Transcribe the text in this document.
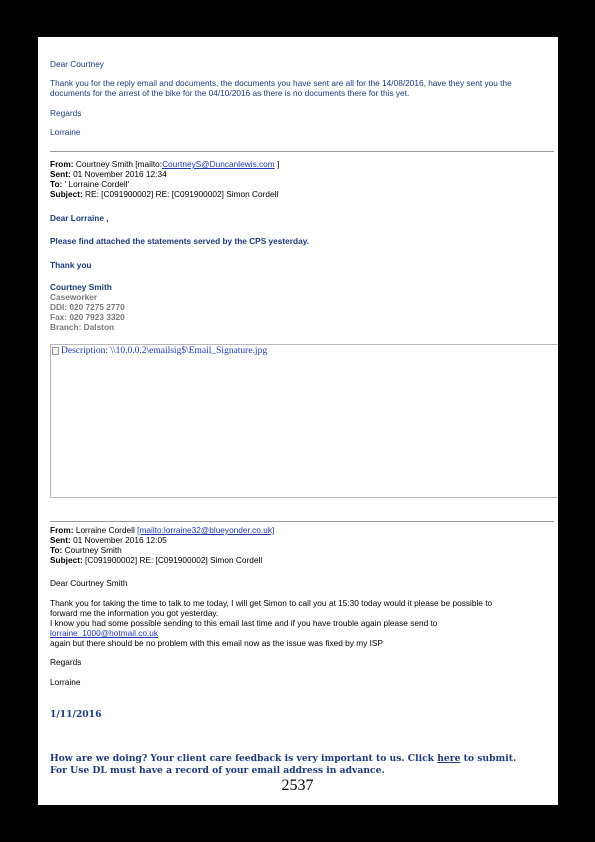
Dear Courtney
Thank you for the reply email and documents, the documents you have sent are all for the 14/08/2016, have they sent you the
documents for the arrest of the bike for the 04/10/2016 as there is no documents there for this yet.
Regards
Lorraine
From: Courtney Smith [mailto:CourtneyS@Duncanlewis.com ]
Sent: 01 November 2016 12:34
To: ' Lorraine Cordell'
Subject: RE: [C091900002] RE: [C091900002] Simon Cordell
Dear Lorraine ,
Please find attached the statements served by the CPS yesterday.
Thank you
Courtney Smith
Caseworker
DDI: 020 7275 2770
Fax: 020 7923 3320
Branch: Dalston
Description: \\10.0.0.2\emailsig$\Email_Signature.jpg
From: Lorraine Cordell [mailto:lorraine32@blueyonder.co.uk]
Sent: 01 November 2016 12:05
To: Courtney Smith
Subject: [C091900002] RE: [C091900002] Simon Cordell
Dear Courtney Smith
Thank you for taking the time to talk to me today, I will get Simon to call you at 15:30 today would it please be possible to
forward me the information you got yesterday.
I know you had some possible sending to this email last time and if you have trouble again please send to
lorraine_1000@hotmail.co.uk
again but there should be no problem with this email now as the issue was fixed by my ISP
Regards
Lorraine
1/11/2016
How are we doing? Your client care feedback is very important to us. Click here to submit.
For Use DL must have a record of your email address in advance.
2537
